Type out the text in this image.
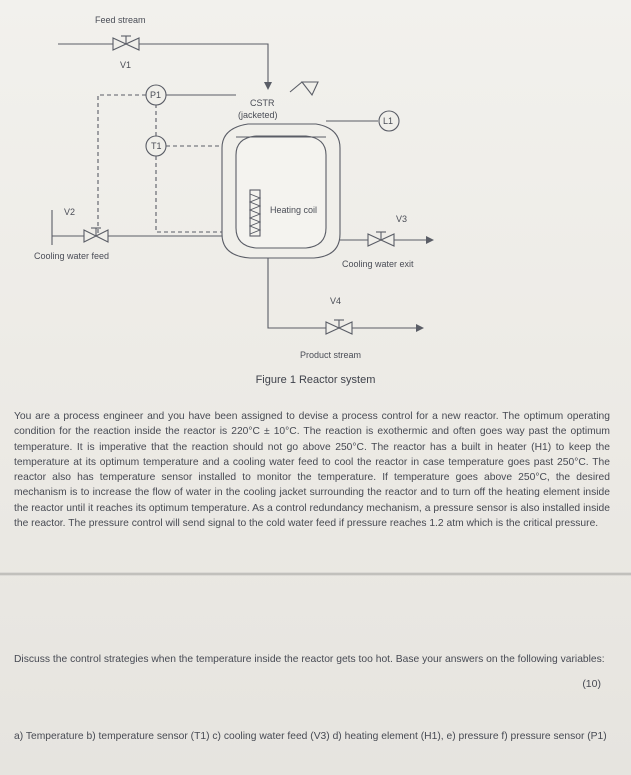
Feed stream
V1
P1
T1
CSTR
(jacketed)
L1
V2	Heating coil
V3
Cooling water feed
Cooling water exit
V4
Product stream
Figure 1 Reactor system
You are a process engineer and you have been assigned to devise a process control for a new reactor. The optimum operating condition for the reaction inside the reactor is 220°C ± 10°C. The reaction is exothermic and often goes way past the optimum temperature. It is imperative that the reaction should not go above 250°C. The reactor has a built in heater (H1) to keep the temperature at its optimum temperature and a cooling water feed to cool the reactor in case temperature goes past 250°C. The reactor also has temperature sensor installed to monitor the temperature. If temperature goes above 250°C, the desired mechanism is to increase the flow of water in the cooling jacket surrounding the reactor and to turn off the heating element inside the reactor until it reaches its optimum temperature. As a control redundancy mechanism, a pressure sensor is also installed inside the reactor. The pressure control will send signal to the cold water feed if pressure reaches 1.2 atm which is the critical pressure.
Discuss the control strategies when the temperature inside the reactor gets too hot. Base your answers on the following variables:
(10)
a) Temperature b) temperature sensor (T1) c) cooling water feed (V3) d) heating element (H1), e) pressure f) pressure sensor (P1)
